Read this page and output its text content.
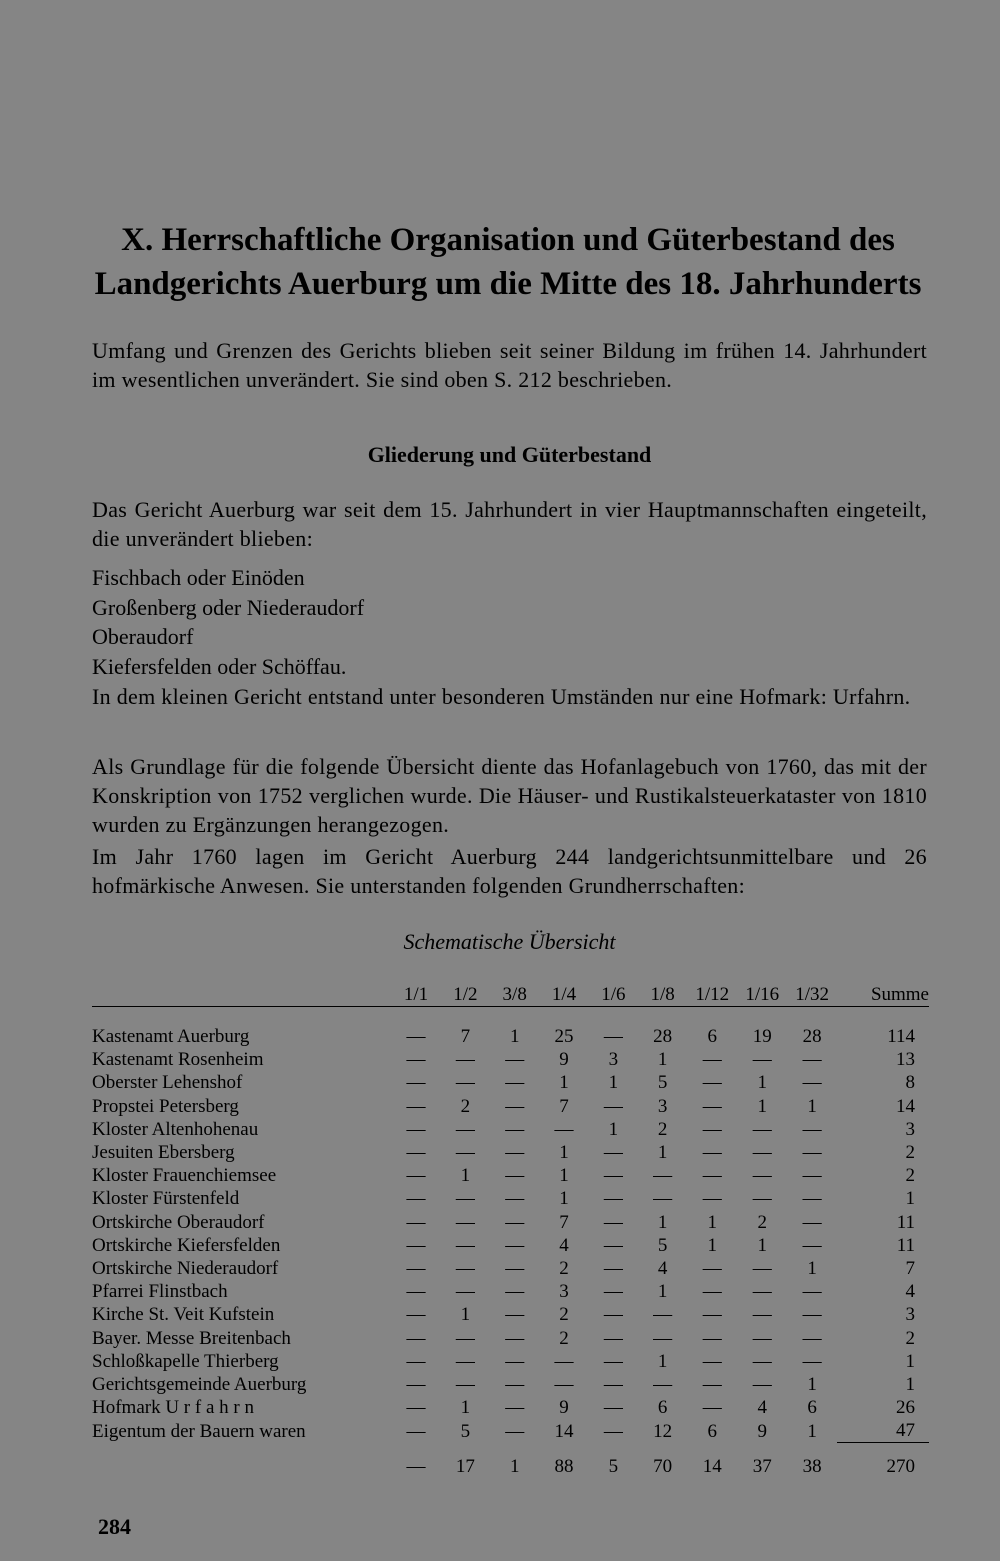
X. Herrschaftliche Organisation und Güterbestand des
Landgerichts Auerburg um die Mitte des 18. Jahrhunderts
Umfang und Grenzen des Gerichts blieben seit seiner Bildung im frühen 14. Jahrhundert im wesentlichen unverändert. Sie sind oben S. 212 beschrieben.
Gliederung und Güterbestand
Das Gericht Auerburg war seit dem 15. Jahrhundert in vier Hauptmannschaften eingeteilt, die unverändert blieben:
Fischbach oder Einöden
Großenberg oder Niederaudorf
Oberaudorf
Kiefersfelden oder Schöffau.
In dem kleinen Gericht entstand unter besonderen Umständen nur eine Hofmark: Urfahrn.
Als Grundlage für die folgende Übersicht diente das Hofanlagebuch von 1760, das mit der Konskription von 1752 verglichen wurde. Die Häuser- und Rustikalsteuerkataster von 1810 wurden zu Ergänzungen herangezogen.
Im Jahr 1760 lagen im Gericht Auerburg 244 landgerichtsunmittelbare und 26 hofmärkische Anwesen. Sie unterstanden folgenden Grundherrschaften:
Schematische Übersicht
	1/1	1/2	3/8	1/4	1/6	1/8	1/12	1/16	1/32	Summe
Kastenamt Auerburg	—	7	1	25	—	28	6	19	28	114
Kastenamt Rosenheim	—	—	—	9	3	1	—	—	—	13
Oberster Lehenshof	—	—	—	1	1	5	—	1	—	8
Propstei Petersberg	—	2	—	7	—	3	—	1	1	14
Kloster Altenhohenau	—	—	—	—	1	2	—	—	—	3
Jesuiten Ebersberg	—	—	—	1	—	1	—	—	—	2
Kloster Frauenchiemsee	—	1	—	1	—	—	—	—	—	2
Kloster Fürstenfeld	—	—	—	1	—	—	—	—	—	1
Ortskirche Oberaudorf	—	—	—	7	—	1	1	2	—	11
Ortskirche Kiefersfelden	—	—	—	4	—	5	1	1	—	11
Ortskirche Niederaudorf	—	—	—	2	—	4	—	—	1	7
Pfarrei Flinstbach	—	—	—	3	—	1	—	—	—	4
Kirche St. Veit Kufstein	—	1	—	2	—	—	—	—	—	3
Bayer. Messe Breitenbach	—	—	—	2	—	—	—	—	—	2
Schloßkapelle Thierberg	—	—	—	—	—	1	—	—	—	1
Gerichtsgemeinde Auerburg	—	—	—	—	—	—	—	—	1	1
Hofmark U r f a h r n	—	1	—	9	—	6	—	4	6	26
Eigentum der Bauern waren	—	5	—	14	—	12	6	9	1	47
	—	17	1	88	5	70	14	37	38	270
284
